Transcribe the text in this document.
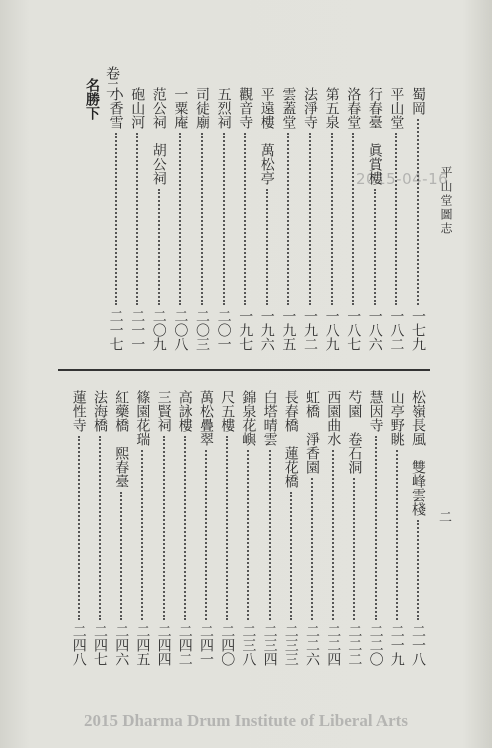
平山堂圖志
二
2015-04-16
卷二
名勝下	蜀岡
一七九
平山堂
一八二
行春臺　眞賞樓
一八六
洛春堂
一八七
第五泉
一八九
法淨寺
一九二
雲蓋堂
一九五
平遠樓　萬松亭
一九六
觀音寺
一九七
五烈祠
二〇一
司徒廟
二〇三
一粟庵
二〇八
范公祠　胡公祠
二〇九
砲山河
二一一
小香雪
二一七
松嶺長風　雙峰雲棧
二一八
山亭野眺
二一九
慧因寺
二二〇
芍園　卷石洞
二二二
西園曲水
二二四
虹橋　淨香園
二二六
長春橋　蓮花橋
二三三
白塔晴雲
二三四
錦泉花嶼
二三八
尺五樓
二四〇
萬松疊翠
二四一
高詠樓
二四二
三賢祠
二四四
篠園花瑞
二四五
紅藥橋　熙春臺
二四六
法海橋
二四七
蓮性寺
二四八
2015 Dharma Drum Institute of Liberal Arts
